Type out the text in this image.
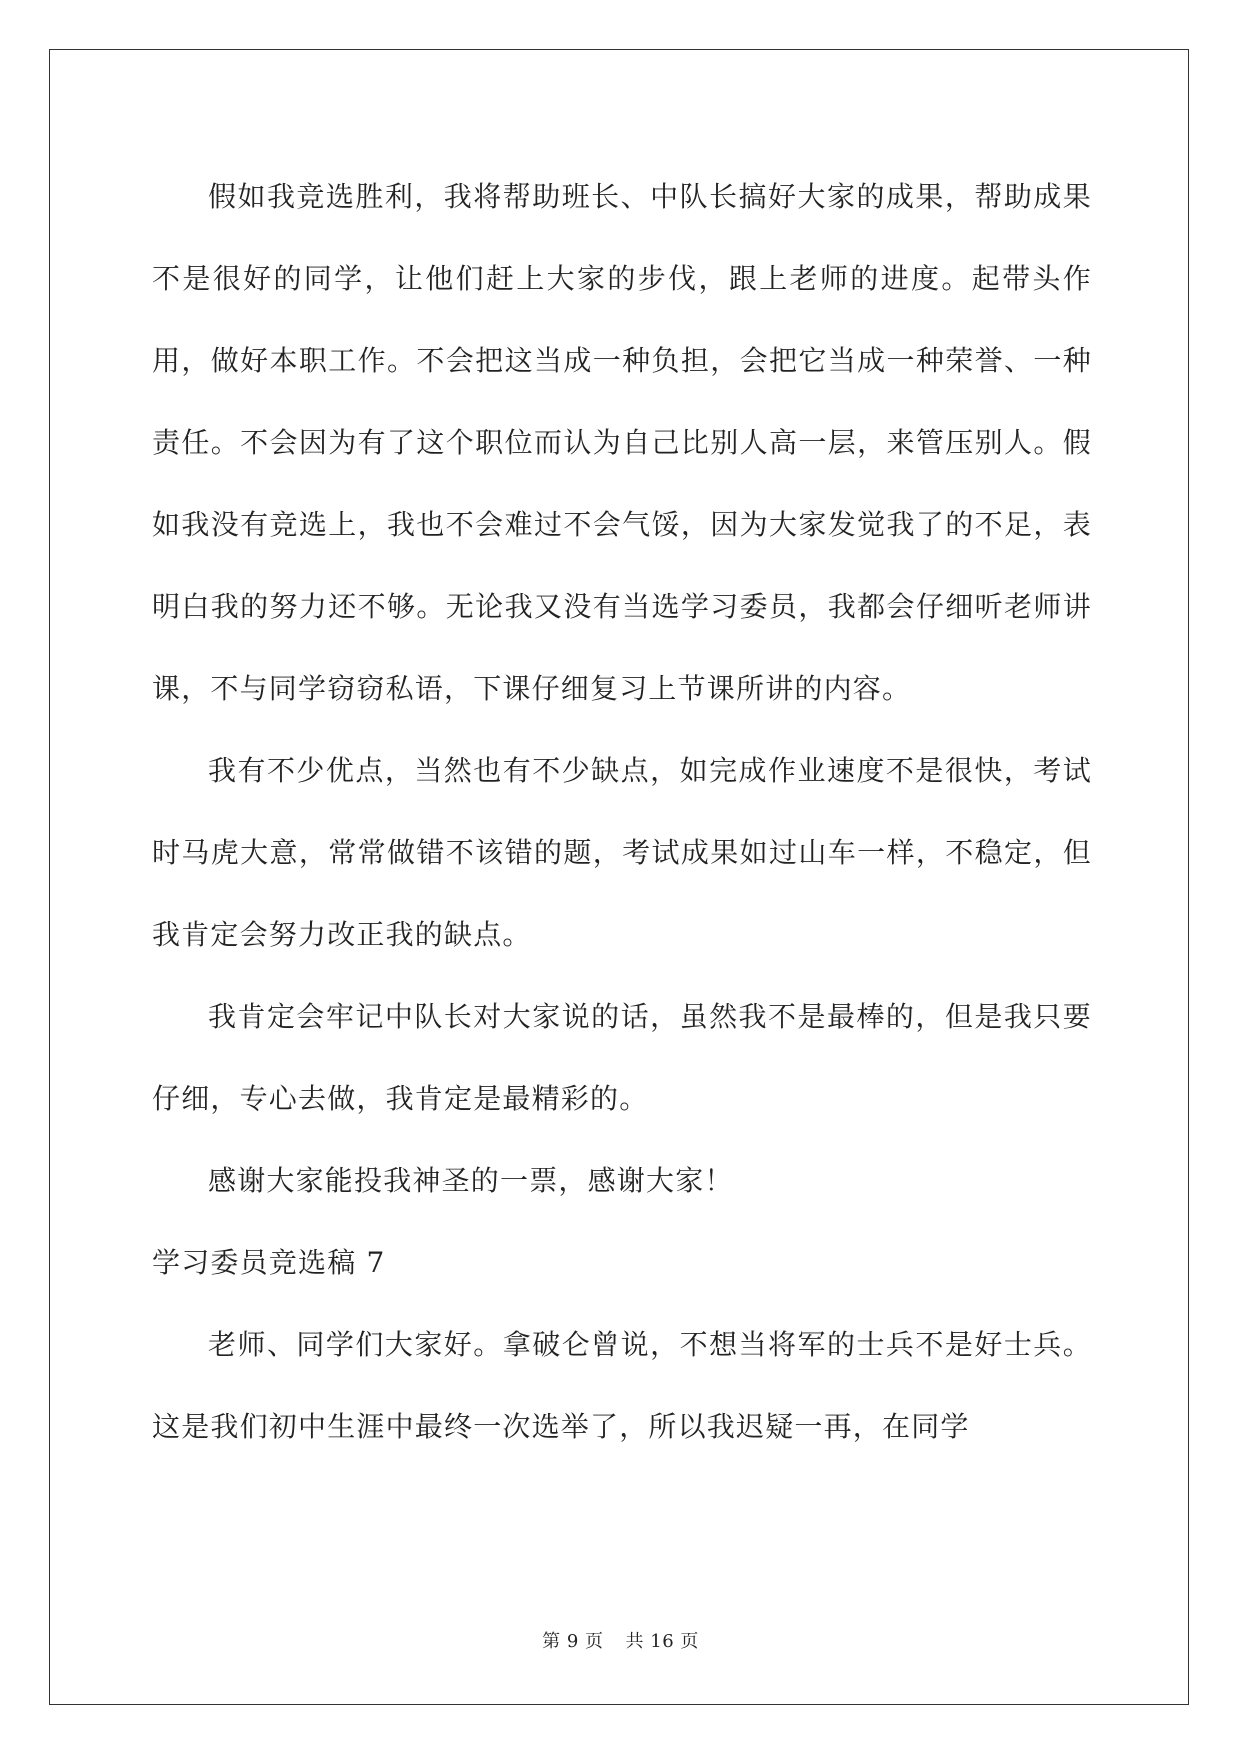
假如我竞选胜利，我将帮助班长、中队长搞好大家的成果，帮助成果不是很好的同学，让他们赶上大家的步伐，跟上老师的进度。起带头作用，做好本职工作。不会把这当成一种负担，会把它当成一种荣誉、一种责任。不会因为有了这个职位而认为自己比别人高一层，来管压别人。假如我没有竞选上，我也不会难过不会气馁，因为大家发觉我了的不足，表明白我的努力还不够。无论我又没有当选学习委员，我都会仔细听老师讲课，不与同学窃窃私语，下课仔细复习上节课所讲的内容。

我有不少优点，当然也有不少缺点，如完成作业速度不是很快，考试时马虎大意，常常做错不该错的题，考试成果如过山车一样，不稳定，但我肯定会努力改正我的缺点。

我肯定会牢记中队长对大家说的话，虽然我不是最棒的，但是我只要仔细，专心去做，我肯定是最精彩的。

感谢大家能投我神圣的一票，感谢大家！

学习委员竞选稿 7

老师、同学们大家好。拿破仑曾说，不想当将军的士兵不是好士兵。这是我们初中生涯中最终一次选举了，所以我迟疑一再，在同学

第 9 页 共 16 页
